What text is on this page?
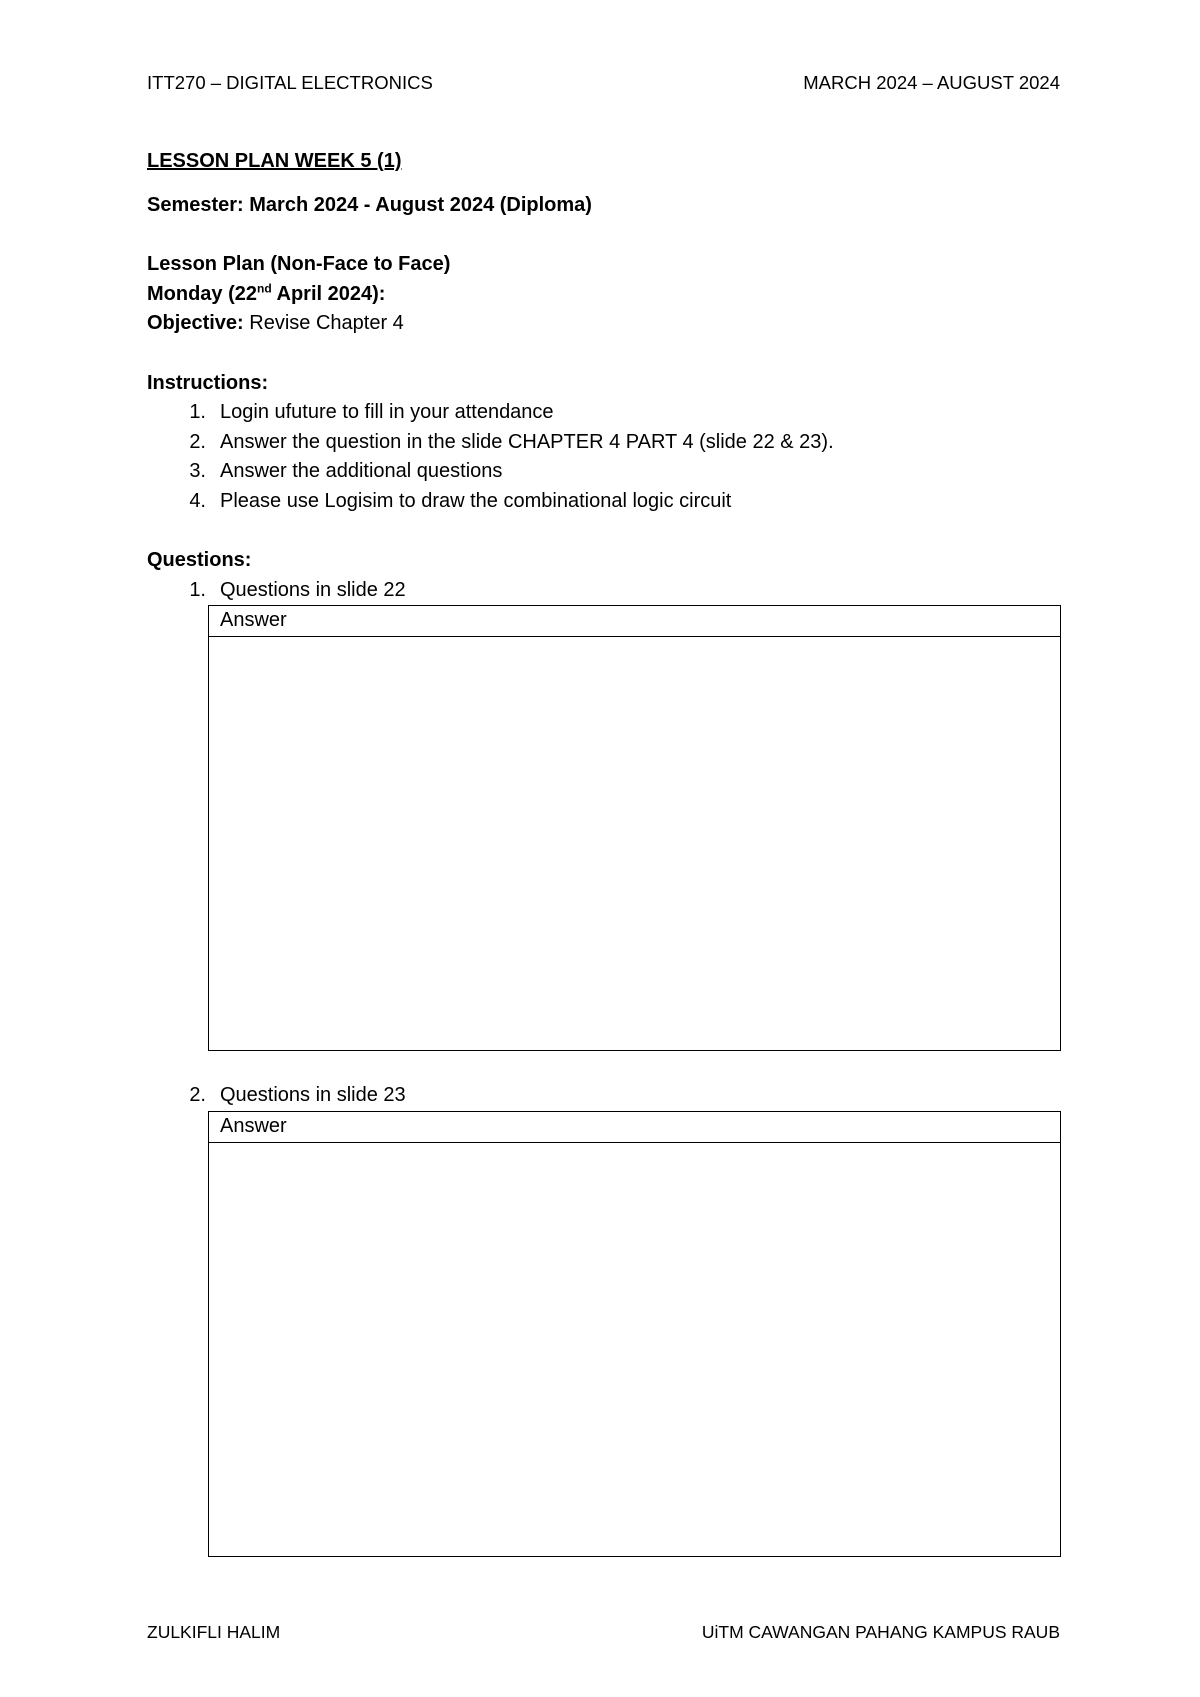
ITT270 – DIGITAL ELECTRONICS	MARCH 2024 – AUGUST 2024
LESSON PLAN WEEK 5 (1)
Semester: March 2024 - August 2024 (Diploma)
Lesson Plan (Non-Face to Face)
Monday (22nd April 2024):
Objective: Revise Chapter 4
Instructions:
1. Login ufuture to fill in your attendance
2. Answer the question in the slide CHAPTER 4 PART 4 (slide 22 & 23).
3. Answer the additional questions
4. Please use Logisim to draw the combinational logic circuit
Questions:
1. Questions in slide 22
Answer
2. Questions in slide 23
Answer
ZULKIFLI HALIM	UiTM CAWANGAN PAHANG KAMPUS RAUB
